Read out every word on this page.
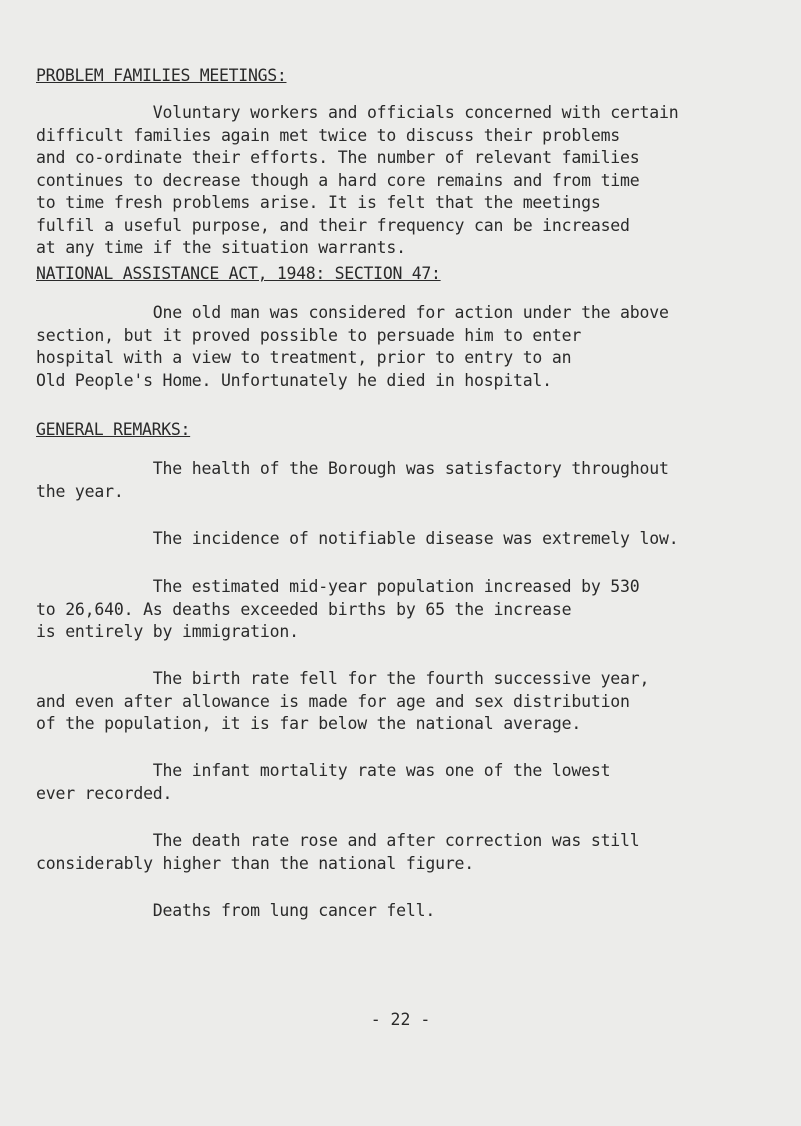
PROBLEM FAMILIES MEETINGS:
Voluntary workers and officials concerned with certain
difficult families again met twice to discuss their problems
and co-ordinate their efforts. The number of relevant families
continues to decrease though a hard core remains and from time
to time fresh problems arise. It is felt that the meetings
fulfil a useful purpose, and their frequency can be increased
at any time if the situation warrants.
NATIONAL ASSISTANCE ACT, 1948: SECTION 47:
One old man was considered for action under the above
section, but it proved possible to persuade him to enter
hospital with a view to treatment, prior to entry to an
Old People's Home. Unfortunately he died in hospital.
GENERAL REMARKS:
The health of the Borough was satisfactory throughout
the year.
The incidence of notifiable disease was extremely low.
The estimated mid-year population increased by 530
to 26,640. As deaths exceeded births by 65 the increase
is entirely by immigration.
The birth rate fell for the fourth successive year,
and even after allowance is made for age and sex distribution
of the population, it is far below the national average.
The infant mortality rate was one of the lowest
ever recorded.
The death rate rose and after correction was still
considerably higher than the national figure.
Deaths from lung cancer fell.
- 22 -
